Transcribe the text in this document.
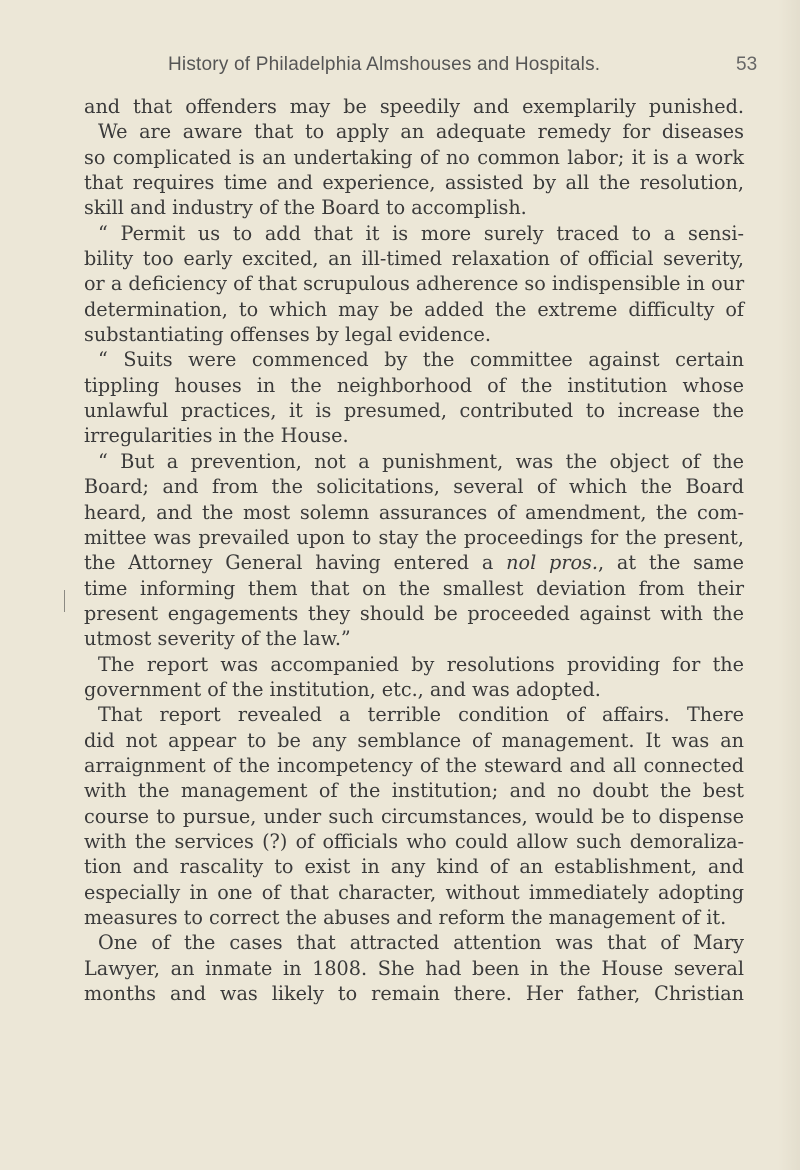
History of Philadelphia Almshouses and Hospitals.	53
and that offenders may be speedily and exemplarily punished.
We are aware that to apply an adequate remedy for diseases
so complicated is an undertaking of no common labor; it is a work
that requires time and experience, assisted by all the resolution,
skill and industry of the Board to accomplish.
“ Permit us to add that it is more surely traced to a sensi-
bility too early excited, an ill-timed relaxation of official severity,
or a deficiency of that scrupulous adherence so indispensible in our
determination, to which may be added the extreme difficulty of
substantiating offenses by legal evidence.
“ Suits were commenced by the committee against certain
tippling houses in the neighborhood of the institution whose
unlawful practices, it is presumed, contributed to increase the
irregularities in the House.
“ But a prevention, not a punishment, was the object of the
Board; and from the solicitations, several of which the Board
heard, and the most solemn assurances of amendment, the com-
mittee was prevailed upon to stay the proceedings for the present,
the Attorney General having entered a nol pros., at the same
time informing them that on the smallest deviation from their
present engagements they should be proceeded against with the
utmost severity of the law.”
The report was accompanied by resolutions providing for the
government of the institution, etc., and was adopted.
That report revealed a terrible condition of affairs. There
did not appear to be any semblance of management. It was an
arraignment of the incompetency of the steward and all connected
with the management of the institution; and no doubt the best
course to pursue, under such circumstances, would be to dispense
with the services (?) of officials who could allow such demoraliza-
tion and rascality to exist in any kind of an establishment, and
especially in one of that character, without immediately adopting
measures to correct the abuses and reform the management of it.
One of the cases that attracted attention was that of Mary
Lawyer, an inmate in 1808. She had been in the House several
months and was likely to remain there. Her father, Christian
